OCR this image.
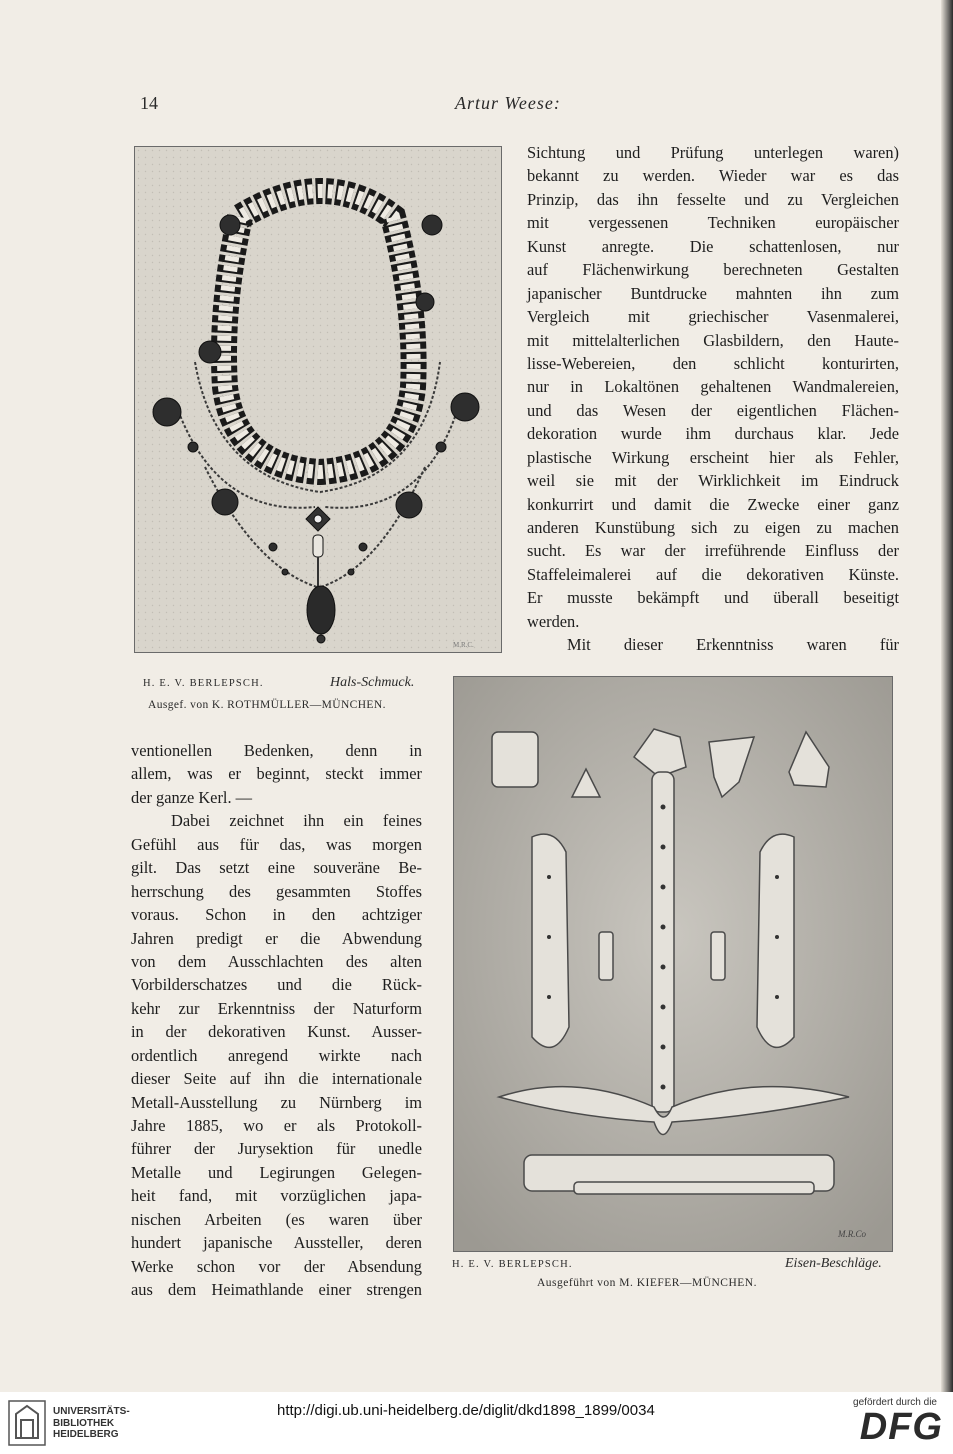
14	Artur Weese:
M.R.C.
H. E. V. BERLEPSCH.	Hals-Schmuck.
Ausgef. von K. ROTHMÜLLER—MÜNCHEN.
Sichtung und Prüfung unterlegen waren)
bekannt zu werden. Wieder war es das
Prinzip, das ihn fesselte und zu Vergleichen
mit vergessenen Techniken europäischer
Kunst anregte. Die schattenlosen, nur
auf Flächenwirkung berechneten Gestalten
japanischer Buntdrucke mahnten ihn zum
Vergleich mit griechischer Vasenmalerei,
mit mittelalterlichen Glasbildern, den Haute-
lisse-Webereien, den schlicht konturirten,
nur in Lokaltönen gehaltenen Wandmalereien,
und das Wesen der eigentlichen Flächen-
dekoration wurde ihm durchaus klar. Jede
plastische Wirkung erscheint hier als Fehler,
weil sie mit der Wirklichkeit im Eindruck
konkurrirt und damit die Zwecke einer ganz
anderen Kunstübung sich zu eigen zu machen
sucht. Es war der irreführende Einfluss der
Staffeleimalerei auf die dekorativen Künste.
Er musste bekämpft und überall beseitigt
werden.
Mit dieser Erkenntniss waren für
ventionellen Bedenken, denn in
allem, was er beginnt, steckt immer
der ganze Kerl. —
Dabei zeichnet ihn ein feines
Gefühl aus für das, was morgen
gilt. Das setzt eine souveräne Be-
herrschung des gesammten Stoffes
voraus. Schon in den achtziger
Jahren predigt er die Abwendung
von dem Ausschlachten des alten
Vorbilderschatzes und die Rück-
kehr zur Erkenntniss der Naturform
in der dekorativen Kunst. Ausser-
ordentlich anregend wirkte nach
dieser Seite auf ihn die internationale
Metall-Ausstellung zu Nürnberg im
Jahre 1885, wo er als Protokoll-
führer der Jurysektion für unedle
Metalle und Legirungen Gelegen-
heit fand, mit vorzüglichen japa-
nischen Arbeiten (es waren über
hundert japanische Aussteller, deren
Werke schon vor der Absendung
aus dem Heimathlande einer strengen
M.R.Co
H. E. V. BERLEPSCH.	Eisen-Beschläge.
Ausgeführt von M. KIEFER—MÜNCHEN.
UNIVERSITÄTS-
BIBLIOTHEK
HEIDELBERG
http://digi.ub.uni-heidelberg.de/diglit/dkd1898_1899/0034	gefördert durch die
DFG
